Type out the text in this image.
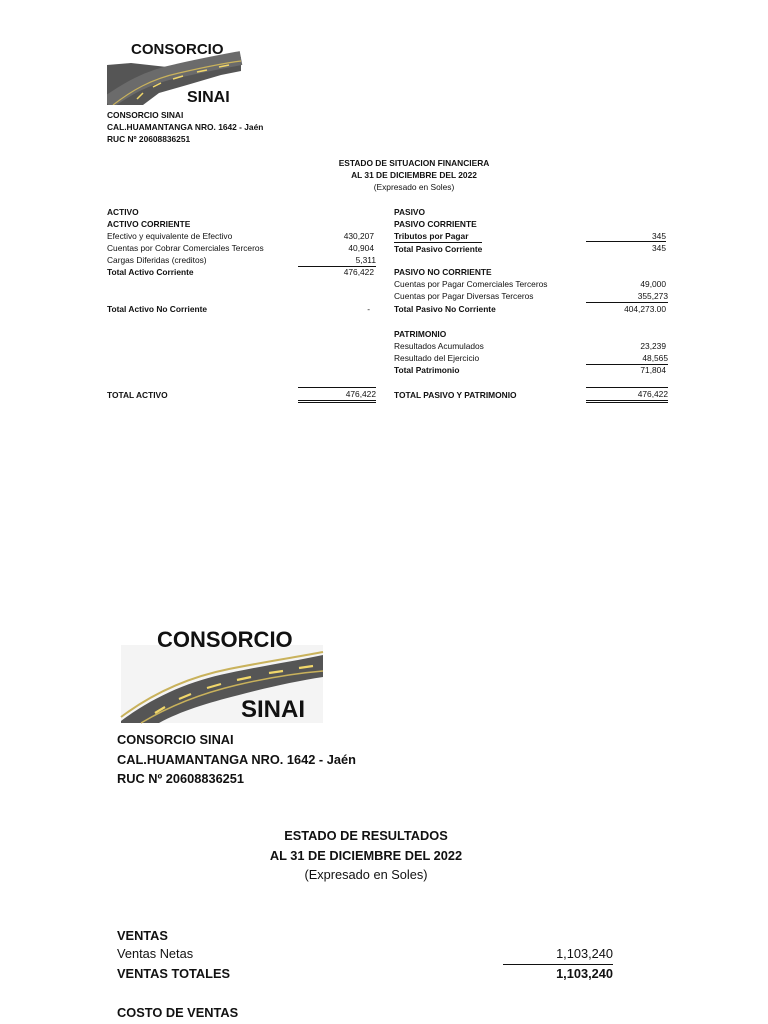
CONSORCIO
SINAI
CONSORCIO SINAI
CAL.HUAMANTANGA NRO. 1642 - Jaén
RUC Nº 20608836251
ESTADO DE SITUACION FINANCIERA
AL 31 DE DICIEMBRE DEL 2022
(Expresado en Soles)
ACTIVO
ACTIVO CORRIENTE
Efectivo y equivalente de Efectivo	430,207
Cuentas por Cobrar Comerciales Terceros	40,904
Cargas Diferidas (creditos)	5,311
Total Activo Corriente	476,422
Total Activo No Corriente	-
TOTAL ACTIVO	476,422
PASIVO
PASIVO CORRIENTE
Tributos por Pagar	345
Total Pasivo Corriente	345
PASIVO NO CORRIENTE
Cuentas por Pagar Comerciales Terceros	49,000
Cuentas por Pagar Diversas Terceros	355,273
Total Pasivo No Corriente	404,273.00
PATRIMONIO
Resultados Acumulados	23,239
Resultado del Ejercicio	48,565
Total Patrimonio	71,804
TOTAL PASIVO Y PATRIMONIO	476,422
CONSORCIO
SINAI
CONSORCIO SINAI
CAL.HUAMANTANGA NRO. 1642 - Jaén
RUC Nº 20608836251
ESTADO DE RESULTADOS
AL 31 DE DICIEMBRE DEL 2022
(Expresado en Soles)
VENTAS
Ventas Netas	1,103,240
VENTAS TOTALES	1,103,240
COSTO DE VENTAS
